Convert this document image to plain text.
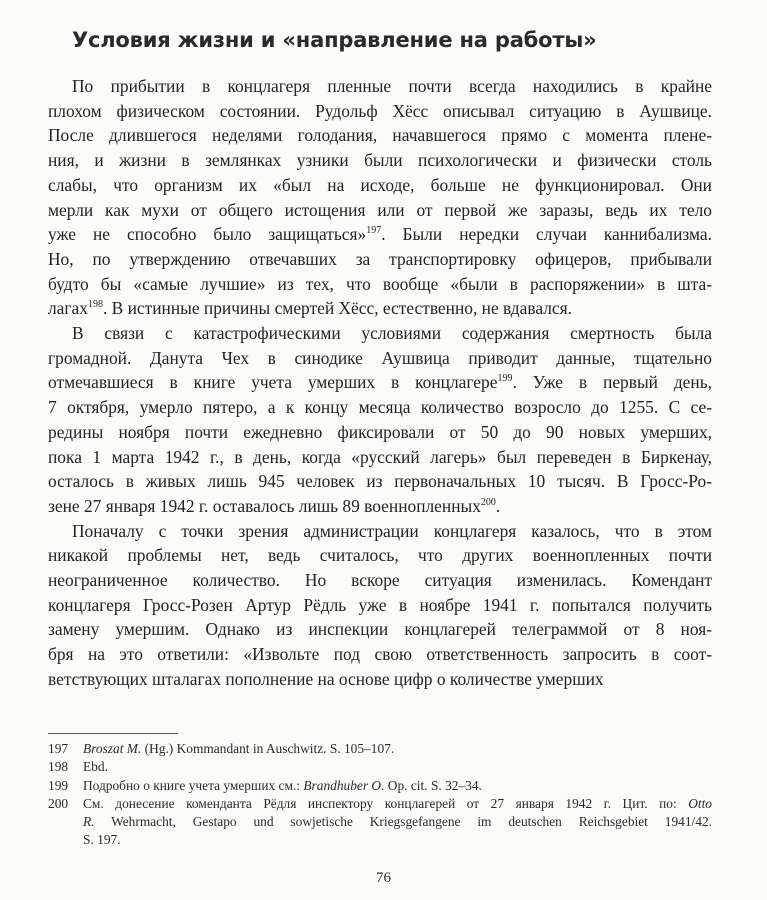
Условия жизни и «направление на работы»
По прибытии в концлагеря пленные почти всегда находились в крайне
плохом физическом состоянии. Рудольф Хёсс описывал ситуацию в Аушвице.
После длившегося неделями голодания, начавшегося прямо с момента плене-
ния, и жизни в землянках узники были психологически и физически столь
слабы, что организм их «был на исходе, больше не функционировал. Они
мерли как мухи от общего истощения или от первой же заразы, ведь их тело
уже не способно было защищаться»$^{197}$. Были нередки случаи каннибализма.
Но, по утверждению отвечавших за транспортировку офицеров, прибывали
будто бы «самые лучшие» из тех, что вообще «были в распоряжении» в шта-
лагах$^{198}$. В истинные причины смертей Хёсс, естественно, не вдавался.
В связи с катастрофическими условиями содержания смертность была
громадной. Данута Чех в синодике Аушвица приводит данные, тщательно
отмечавшиеся в книге учета умерших в концлагере$^{199}$. Уже в первый день,
7 октября, умерло пятеро, а к концу месяца количество возросло до 1255. С се-
редины ноября почти ежедневно фиксировали от 50 до 90 новых умерших,
пока 1 марта 1942 г., в день, когда «русский лагерь» был переведен в Биркенау,
осталось в живых лишь 945 человек из первоначальных 10 тысяч. В Гросс-Ро-
зене 27 января 1942 г. оставалось лишь 89 военнопленных$^{200}$.
Поначалу с точки зрения администрации концлагеря казалось, что в этом
никакой проблемы нет, ведь считалось, что других военнопленных почти
неограниченное количество. Но вскоре ситуация изменилась. Комендант
концлагеря Гросс-Розен Артур Рёдль уже в ноябре 1941 г. попытался получить
замену умершим. Однако из инспекции концлагерей телеграммой от 8 ноя-
бря на это ответили: «Извольте под свою ответственность запросить в соот-
ветствующих шталагах пополнение на основе цифр о количестве умерших
197	Broszat M. (Hg.) Kommandant in Auschwitz. S. 105–107.
198	Ebd.
199	Подробно о книге учета умерших см.: Brandhuber O. Op. cit. S. 32–34.
200	См. донесение коменданта Рёдля инспектору концлагерей от 27 января 1942 г. Цит. по: Otto
R. Wehrmacht, Gestapo und sowjetische Kriegsgefangene im deutschen Reichsgebiet 1941/42.
S. 197.
76
